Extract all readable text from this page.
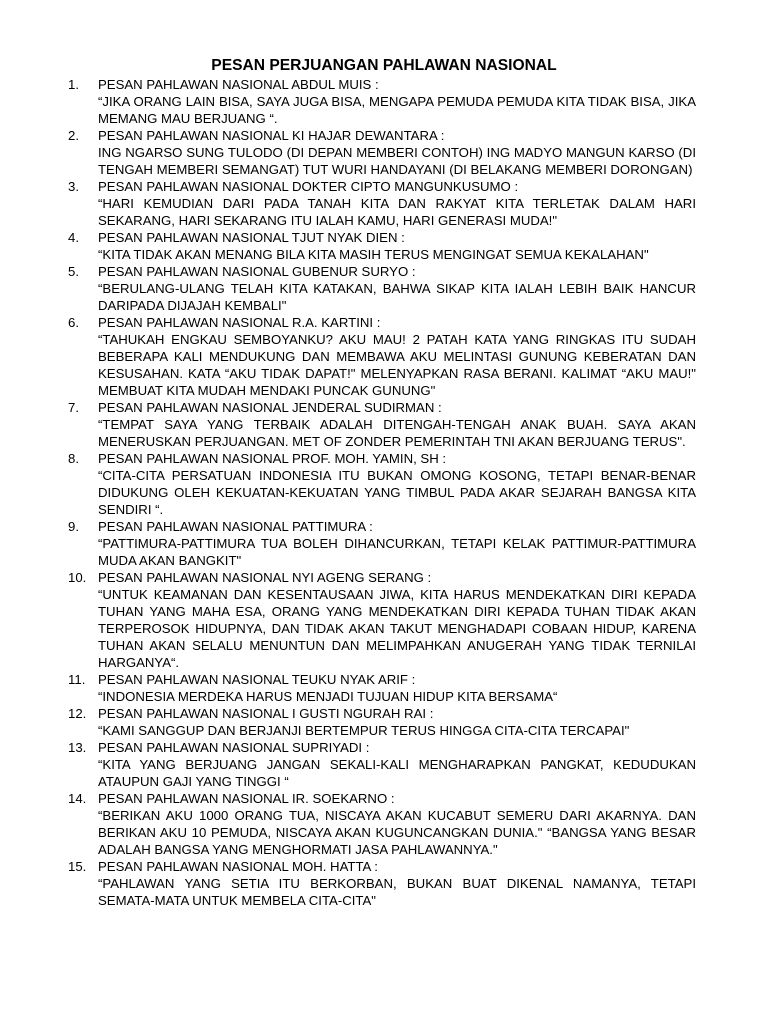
PESAN PERJUANGAN PAHLAWAN NASIONAL
1.	PESAN PAHLAWAN NASIONAL ABDUL MUIS :
“JIKA ORANG LAIN BISA, SAYA JUGA BISA, MENGAPA PEMUDA PEMUDA KITA TIDAK BISA, JIKA MEMANG MAU BERJUANG “.
2.	PESAN PAHLAWAN NASIONAL KI HAJAR DEWANTARA :
ING NGARSO SUNG TULODO (DI DEPAN MEMBERI CONTOH) ING MADYO MANGUN KARSO (DI TENGAH MEMBERI SEMANGAT) TUT WURI HANDAYANI (DI BELAKANG MEMBERI DORONGAN)
3.	PESAN PAHLAWAN NASIONAL DOKTER CIPTO MANGUNKUSUMO :
“HARI KEMUDIAN DARI PADA TANAH KITA DAN RAKYAT KITA TERLETAK DALAM HARI SEKARANG, HARI SEKARANG ITU IALAH KAMU, HARI GENERASI MUDA!"
4.	PESAN PAHLAWAN NASIONAL TJUT NYAK DIEN :
“KITA TIDAK AKAN MENANG BILA KITA MASIH TERUS MENGINGAT SEMUA KEKALAHAN"
5.	PESAN PAHLAWAN NASIONAL GUBENUR SURYO :
“BERULANG-ULANG TELAH KITA KATAKAN, BAHWA SIKAP KITA IALAH LEBIH BAIK HANCUR DARIPADA DIJAJAH KEMBALI"
6.	PESAN PAHLAWAN NASIONAL R.A. KARTINI :
“TAHUKAH ENGKAU SEMBOYANKU? AKU MAU! 2 PATAH KATA YANG RINGKAS ITU SUDAH BEBERAPA KALI MENDUKUNG DAN MEMBAWA AKU MELINTASI GUNUNG KEBERATAN DAN KESUSAHAN. KATA “AKU TIDAK DAPAT!" MELENYAPKAN RASA BERANI. KALIMAT “AKU MAU!" MEMBUAT KITA MUDAH MENDAKI PUNCAK GUNUNG"
7.	PESAN PAHLAWAN NASIONAL JENDERAL SUDIRMAN :
“TEMPAT SAYA YANG TERBAIK ADALAH DITENGAH-TENGAH ANAK BUAH. SAYA AKAN MENERUSKAN PERJUANGAN. MET OF ZONDER PEMERINTAH TNI AKAN BERJUANG TERUS".
8.	PESAN PAHLAWAN NASIONAL PROF. MOH. YAMIN, SH :
“CITA-CITA PERSATUAN INDONESIA ITU BUKAN OMONG KOSONG, TETAPI BENAR-BENAR DIDUKUNG OLEH KEKUATAN-KEKUATAN YANG TIMBUL PADA AKAR SEJARAH BANGSA KITA SENDIRI “.
9.	PESAN PAHLAWAN NASIONAL PATTIMURA :
“PATTIMURA-PATTIMURA TUA BOLEH DIHANCURKAN, TETAPI KELAK PATTIMUR-PATTIMURA MUDA AKAN BANGKIT"
10. PESAN PAHLAWAN NASIONAL NYI AGENG SERANG :
“UNTUK KEAMANAN DAN KESENTAUSAAN JIWA, KITA HARUS MENDEKATKAN DIRI KEPADA TUHAN YANG MAHA ESA, ORANG YANG MENDEKATKAN DIRI KEPADA TUHAN TIDAK AKAN TERPEROSOK HIDUPNYA, DAN TIDAK AKAN TAKUT MENGHADAPI COBAAN HIDUP, KARENA TUHAN AKAN SELALU MENUNTUN DAN MELIMPAHKAN ANUGERAH YANG TIDAK TERNILAI HARGANYA“.
11. PESAN PAHLAWAN NASIONAL TEUKU NYAK ARIF :
“INDONESIA MERDEKA HARUS MENJADI TUJUAN HIDUP KITA BERSAMA“
12. PESAN PAHLAWAN NASIONAL I GUSTI NGURAH RAI :
“KAMI SANGGUP DAN BERJANJI BERTEMPUR TERUS HINGGA CITA-CITA TERCAPAI"
13. PESAN PAHLAWAN NASIONAL SUPRIYADI :
“KITA YANG BERJUANG JANGAN SEKALI-KALI MENGHARAPKAN PANGKAT, KEDUDUKAN ATAUPUN GAJI YANG TINGGI “
14. PESAN PAHLAWAN NASIONAL IR. SOEKARNO :
“BERIKAN AKU 1000 ORANG TUA, NISCAYA AKAN KUCABUT SEMERU DARI AKARNYA. DAN BERIKAN AKU 10 PEMUDA, NISCAYA AKAN KUGUNCANGKAN DUNIA." “BANGSA YANG BESAR ADALAH BANGSA YANG MENGHORMATI JASA PAHLAWANNYA."
15. PESAN PAHLAWAN NASIONAL MOH. HATTA :
“PAHLAWAN YANG SETIA ITU BERKORBAN, BUKAN BUAT DIKENAL NAMANYA, TETAPI SEMATA-MATA UNTUK MEMBELA CITA-CITA"
